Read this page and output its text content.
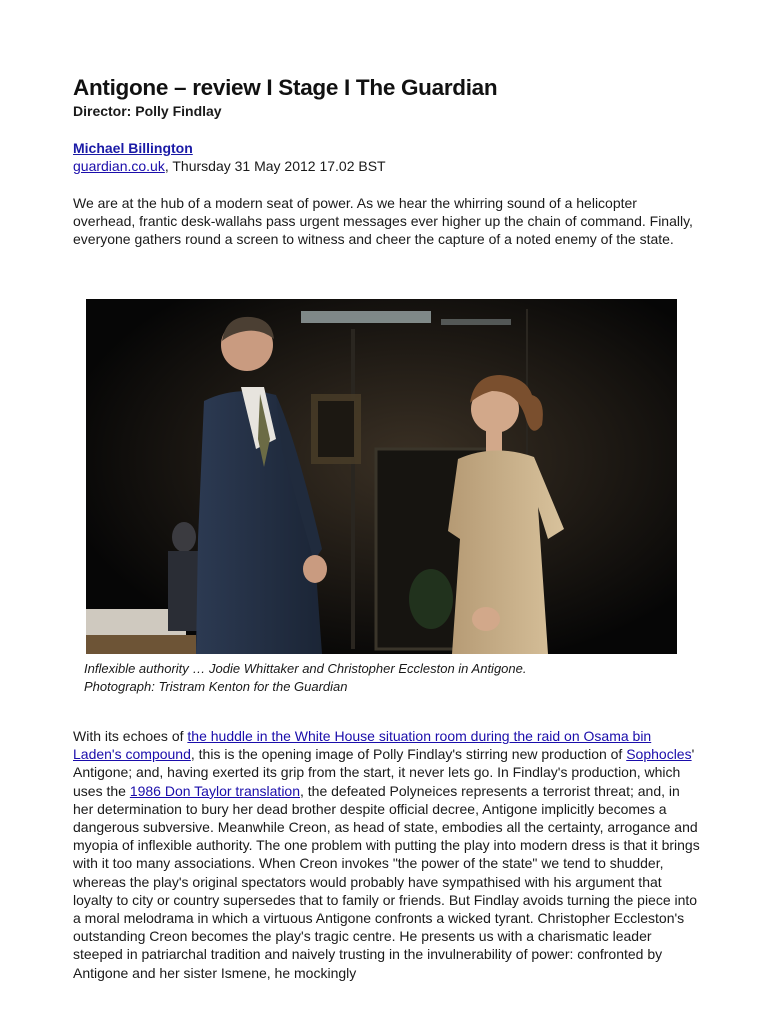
Antigone – review I Stage I The Guardian
Director: Polly Findlay
Michael Billington
guardian.co.uk, Thursday 31 May 2012 17.02 BST
We are at the hub of a modern seat of power. As we hear the whirring sound of a helicopter overhead, frantic desk-wallahs pass urgent messages ever higher up the chain of command. Finally, everyone gathers round a screen to witness and cheer the capture of a noted enemy of the state.
Inflexible authority … Jodie Whittaker and Christopher Eccleston in Antigone.
Photograph: Tristram Kenton for the Guardian
With its echoes of the huddle in the White House situation room during the raid on Osama bin Laden's compound, this is the opening image of Polly Findlay's stirring new production of Sophocles' Antigone; and, having exerted its grip from the start, it never lets go. In Findlay's production, which uses the 1986 Don Taylor translation, the defeated Polyneices represents a terrorist threat; and, in her determination to bury her dead brother despite official decree, Antigone implicitly becomes a dangerous subversive. Meanwhile Creon, as head of state, embodies all the certainty, arrogance and myopia of inflexible authority. The one problem with putting the play into modern dress is that it brings with it too many associations. When Creon invokes "the power of the state" we tend to shudder, whereas the play's original spectators would probably have sympathised with his argument that loyalty to city or country supersedes that to family or friends. But Findlay avoids turning the piece into a moral melodrama in which a virtuous Antigone confronts a wicked tyrant. Christopher Eccleston's outstanding Creon becomes the play's tragic centre. He presents us with a charismatic leader steeped in patriarchal tradition and naively trusting in the invulnerability of power: confronted by Antigone and her sister Ismene, he mockingly
